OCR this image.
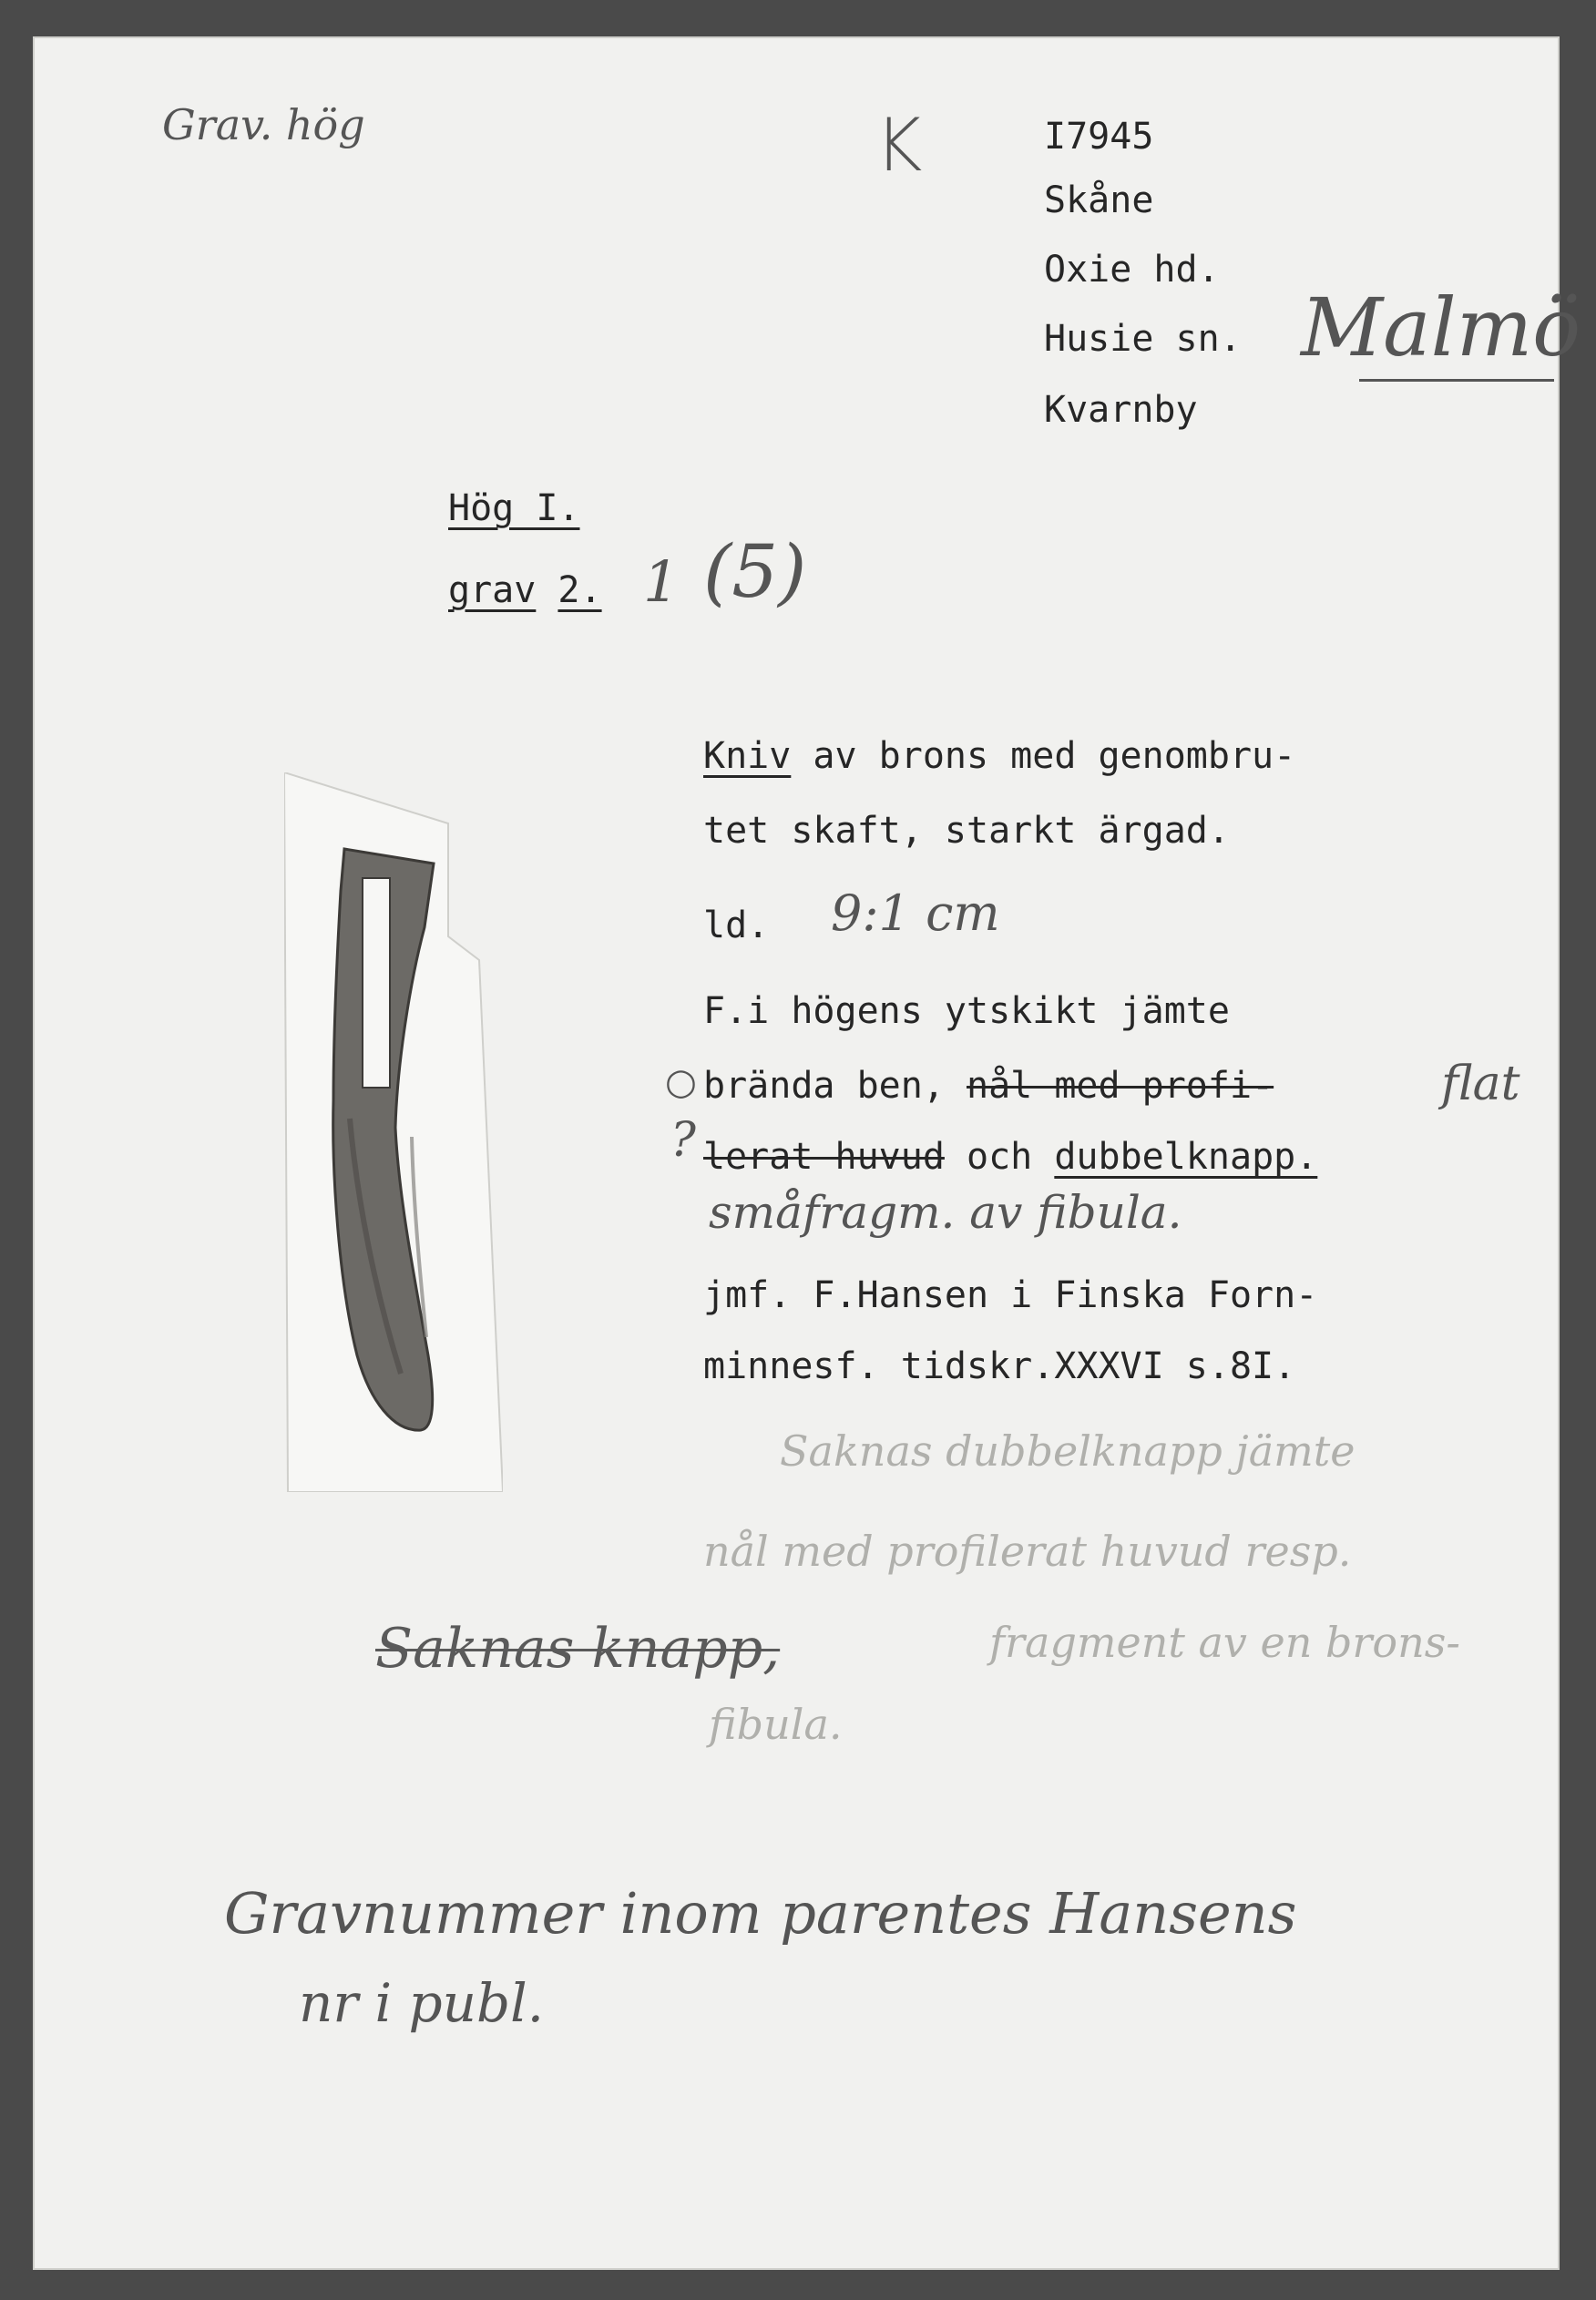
Grav. hög	K	I7945
Skåne
Oxie hd.
Husie sn. Malmö
Kvarnby
Hög I.
grav 2. 1 (5)
Kniv av brons med genombru-
tet skaft, starkt ärgad.
ld. 9:1 cm
F.i högens ytskikt jämte
brända ben, nål med profi-
○	flat
? lerat huvud och dubbelknapp.
småfragm. av fibula.
jmf. F.Hansen i Finska Forn-
minnesf. tidskr.XXXVI s.8I.
Saknas dubbelknapp jämte
nål med profilerat huvud resp.
fragment av en brons-
fibula.
Saknas knapp,
Gravnummer inom parentes Hansens
nr i publ.
